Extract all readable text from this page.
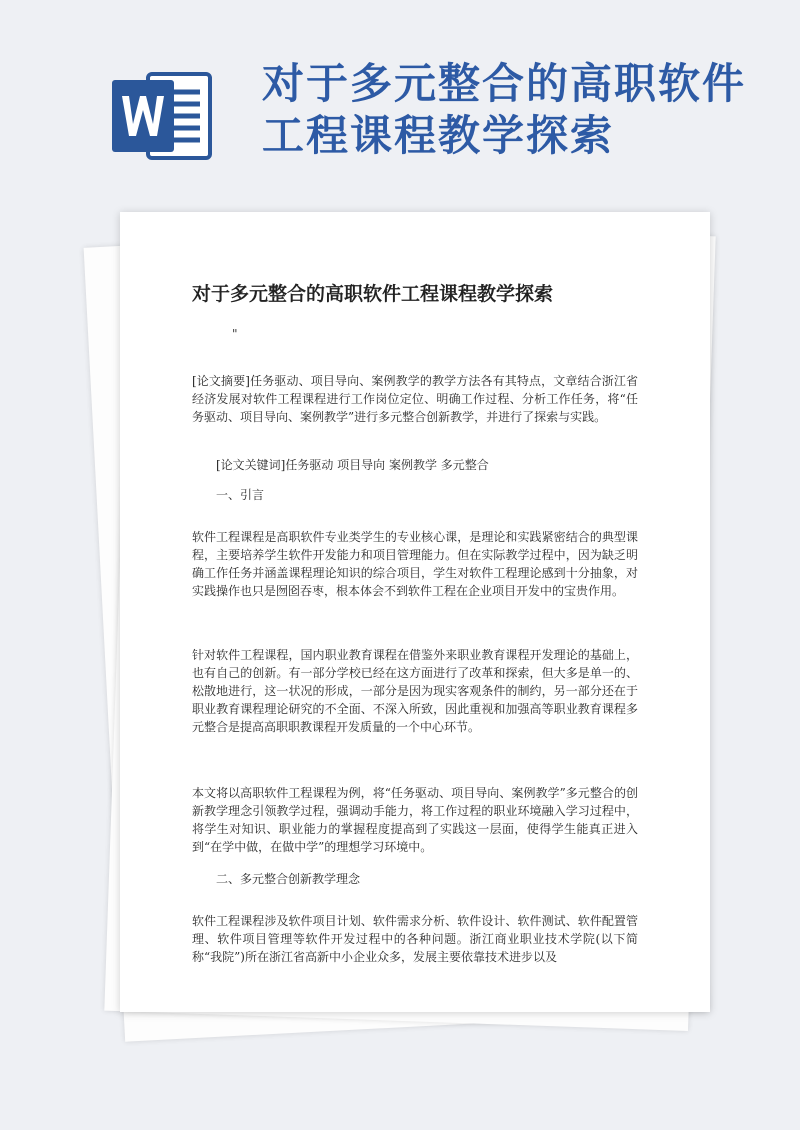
对于多元整合的高职软件工程课程教学探索
对于多元整合的高职软件工程课程教学探索
"

[论文摘要]任务驱动、项目导向、案例教学的教学方法各有其特点，文章结合浙江省经济发展对软件工程课程进行工作岗位定位、明确工作过程、分析工作任务，将“任务驱动、项目导向、案例教学”进行多元整合创新教学，并进行了探索与实践。

[论文关键词]任务驱动 项目导向 案例教学 多元整合
一、引言

软件工程课程是高职软件专业类学生的专业核心课，是理论和实践紧密结合的典型课程，主要培养学生软件开发能力和项目管理能力。但在实际教学过程中，因为缺乏明确工作任务并涵盖课程理论知识的综合项目，学生对软件工程理论感到十分抽象，对实践操作也只是囫囵吞枣，根本体会不到软件工程在企业项目开发中的宝贵作用。

针对软件工程课程，国内职业教育课程在借鉴外来职业教育课程开发理论的基础上，也有自己的创新。有一部分学校已经在这方面进行了改革和探索，但大多是单一的、松散地进行，这一状况的形成，一部分是因为现实客观条件的制约，另一部分还在于职业教育课程理论研究的不全面、不深入所致，因此重视和加强高等职业教育课程多元整合是提高高职职教课程开发质量的一个中心环节。

本文将以高职软件工程课程为例，将“任务驱动、项目导向、案例教学”多元整合的创新教学理念引领教学过程，强调动手能力，将工作过程的职业环境融入学习过程中，将学生对知识、职业能力的掌握程度提高到了实践这一层面，使得学生能真正进入到“在学中做，在做中学”的理想学习环境中。

二、多元整合创新教学理念

软件工程课程涉及软件项目计划、软件需求分析、软件设计、软件测试、软件配置管理、软件项目管理等软件开发过程中的各种问题。浙江商业职业技术学院(以下简称“我院”)所在浙江省高新中小企业众多，发展主要依靠技术进步以及
